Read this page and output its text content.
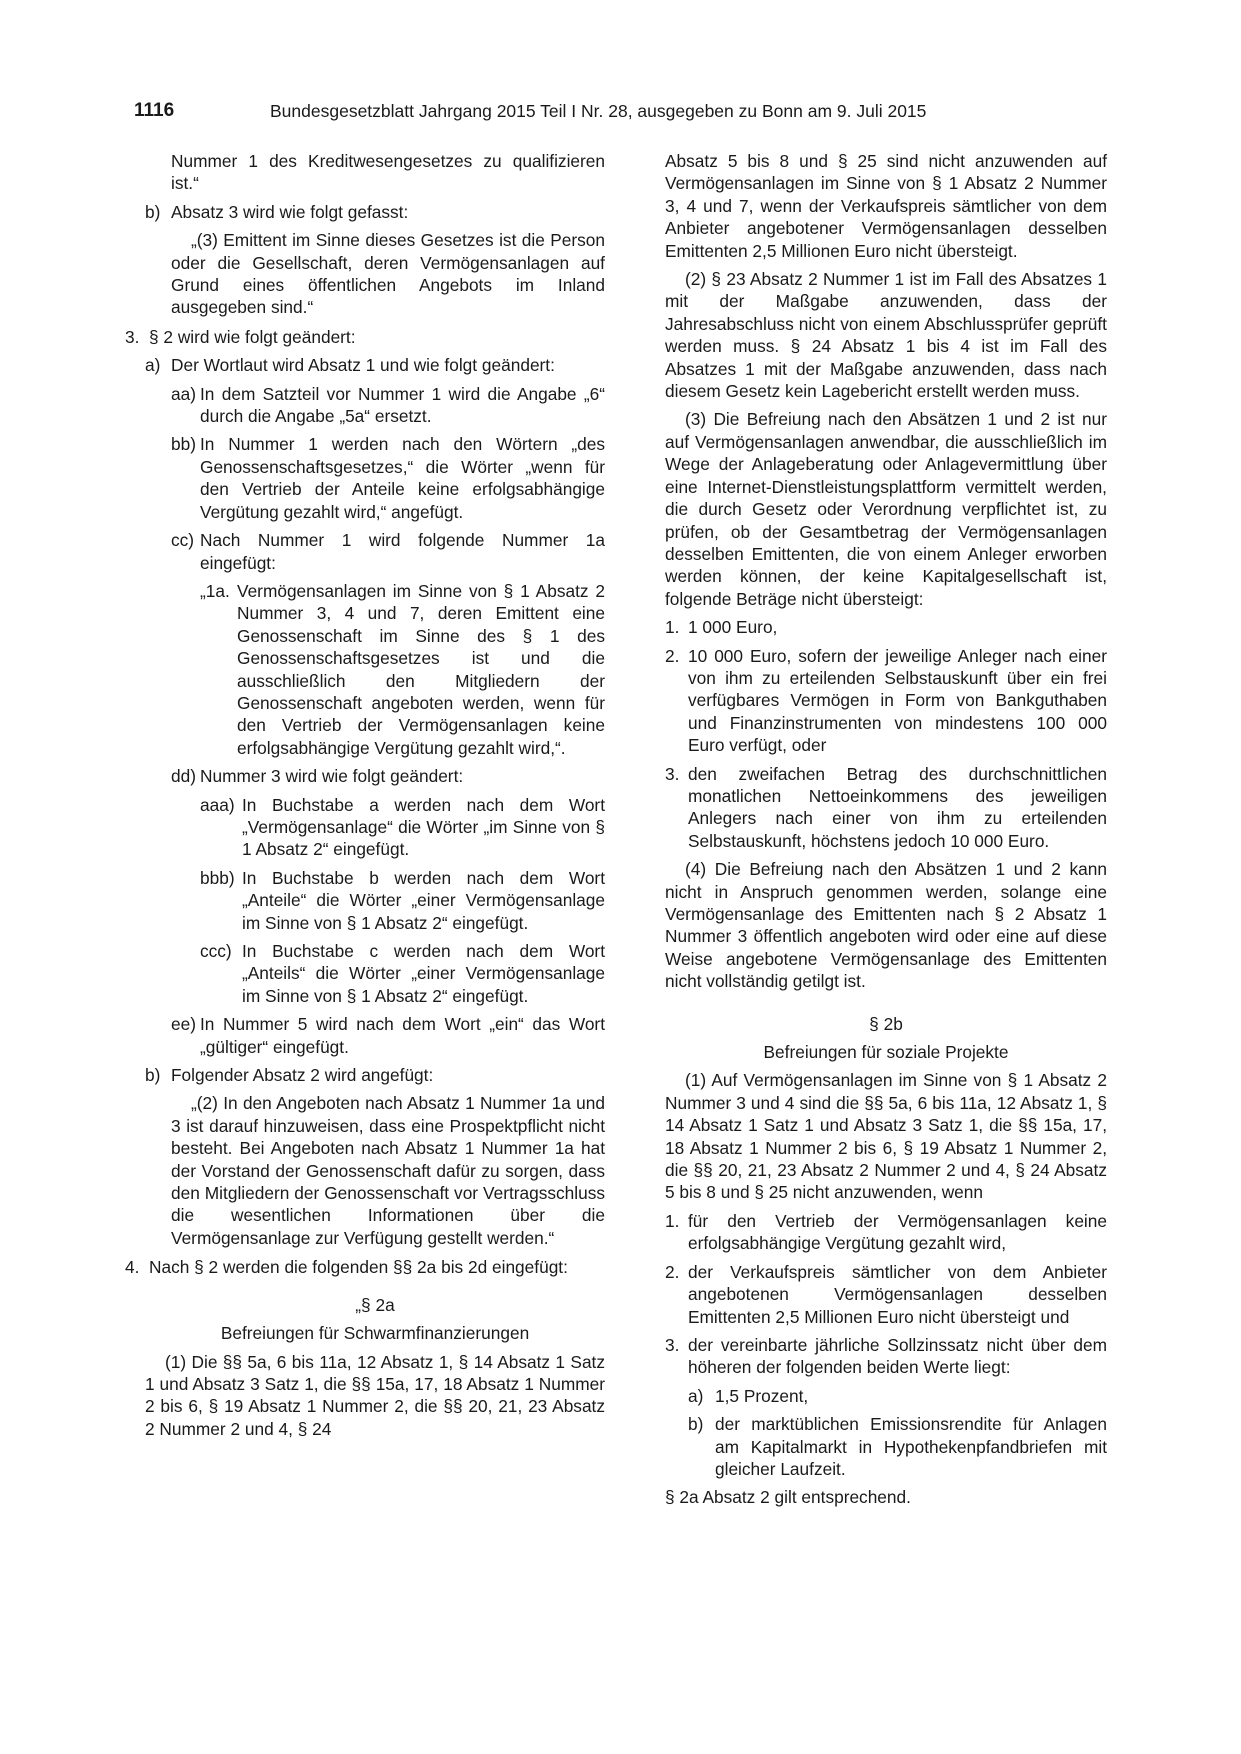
1116	Bundesgesetzblatt Jahrgang 2015 Teil I Nr. 28, ausgegeben zu Bonn am 9. Juli 2015
Nummer 1 des Kreditwesengesetzes zu qualifizieren ist.“
b) Absatz 3 wird wie folgt gefasst:
„(3) Emittent im Sinne dieses Gesetzes ist die Person oder die Gesellschaft, deren Vermögensanlagen auf Grund eines öffentlichen Angebots im Inland ausgegeben sind.“
3. § 2 wird wie folgt geändert:
a) Der Wortlaut wird Absatz 1 und wie folgt geändert:
aa) In dem Satzteil vor Nummer 1 wird die Angabe „6“ durch die Angabe „5a“ ersetzt.
bb) In Nummer 1 werden nach den Wörtern „des Genossenschaftsgesetzes,“ die Wörter „wenn für den Vertrieb der Anteile keine erfolgsabhängige Vergütung gezahlt wird,“ angefügt.
cc) Nach Nummer 1 wird folgende Nummer 1a eingefügt:
„1a. Vermögensanlagen im Sinne von § 1 Absatz 2 Nummer 3, 4 und 7, deren Emittent eine Genossenschaft im Sinne des § 1 des Genossenschaftsgesetzes ist und die ausschließlich den Mitgliedern der Genossenschaft angeboten werden, wenn für den Vertrieb der Vermögensanlagen keine erfolgsabhängige Vergütung gezahlt wird,“.
dd) Nummer 3 wird wie folgt geändert:
aaa) In Buchstabe a werden nach dem Wort „Vermögensanlage“ die Wörter „im Sinne von § 1 Absatz 2“ eingefügt.
bbb) In Buchstabe b werden nach dem Wort „Anteile“ die Wörter „einer Vermögensanlage im Sinne von § 1 Absatz 2“ eingefügt.
ccc) In Buchstabe c werden nach dem Wort „Anteils“ die Wörter „einer Vermögensanlage im Sinne von § 1 Absatz 2“ eingefügt.
ee) In Nummer 5 wird nach dem Wort „ein“ das Wort „gültiger“ eingefügt.
b) Folgender Absatz 2 wird angefügt:
„(2) In den Angeboten nach Absatz 1 Nummer 1a und 3 ist darauf hinzuweisen, dass eine Prospektpflicht nicht besteht. Bei Angeboten nach Absatz 1 Nummer 1a hat der Vorstand der Genossenschaft dafür zu sorgen, dass den Mitgliedern der Genossenschaft vor Vertragsschluss die wesentlichen Informationen über die Vermögensanlage zur Verfügung gestellt werden.“
4. Nach § 2 werden die folgenden §§ 2a bis 2d eingefügt:
„§ 2a
Befreiungen für Schwarmfinanzierungen
(1) Die §§ 5a, 6 bis 11a, 12 Absatz 1, § 14 Absatz 1 Satz 1 und Absatz 3 Satz 1, die §§ 15a, 17, 18 Absatz 1 Nummer 2 bis 6, § 19 Absatz 1 Nummer 2, die §§ 20, 21, 23 Absatz 2 Nummer 2 und 4, § 24
Absatz 5 bis 8 und § 25 sind nicht anzuwenden auf Vermögensanlagen im Sinne von § 1 Absatz 2 Nummer 3, 4 und 7, wenn der Verkaufspreis sämtlicher von dem Anbieter angebotener Vermögensanlagen desselben Emittenten 2,5 Millionen Euro nicht übersteigt.
(2) § 23 Absatz 2 Nummer 1 ist im Fall des Absatzes 1 mit der Maßgabe anzuwenden, dass der Jahresabschluss nicht von einem Abschlussprüfer geprüft werden muss. § 24 Absatz 1 bis 4 ist im Fall des Absatzes 1 mit der Maßgabe anzuwenden, dass nach diesem Gesetz kein Lagebericht erstellt werden muss.
(3) Die Befreiung nach den Absätzen 1 und 2 ist nur auf Vermögensanlagen anwendbar, die ausschließlich im Wege der Anlageberatung oder Anlagevermittlung über eine Internet-Dienstleistungsplattform vermittelt werden, die durch Gesetz oder Verordnung verpflichtet ist, zu prüfen, ob der Gesamtbetrag der Vermögensanlagen desselben Emittenten, die von einem Anleger erworben werden können, der keine Kapitalgesellschaft ist, folgende Beträge nicht übersteigt:
1. 1 000 Euro,
2. 10 000 Euro, sofern der jeweilige Anleger nach einer von ihm zu erteilenden Selbstauskunft über ein frei verfügbares Vermögen in Form von Bankguthaben und Finanzinstrumenten von mindestens 100 000 Euro verfügt, oder
3. den zweifachen Betrag des durchschnittlichen monatlichen Nettoeinkommens des jeweiligen Anlegers nach einer von ihm zu erteilenden Selbstauskunft, höchstens jedoch 10 000 Euro.
(4) Die Befreiung nach den Absätzen 1 und 2 kann nicht in Anspruch genommen werden, solange eine Vermögensanlage des Emittenten nach § 2 Absatz 1 Nummer 3 öffentlich angeboten wird oder eine auf diese Weise angebotene Vermögensanlage des Emittenten nicht vollständig getilgt ist.
§ 2b
Befreiungen für soziale Projekte
(1) Auf Vermögensanlagen im Sinne von § 1 Absatz 2 Nummer 3 und 4 sind die §§ 5a, 6 bis 11a, 12 Absatz 1, § 14 Absatz 1 Satz 1 und Absatz 3 Satz 1, die §§ 15a, 17, 18 Absatz 1 Nummer 2 bis 6, § 19 Absatz 1 Nummer 2, die §§ 20, 21, 23 Absatz 2 Nummer 2 und 4, § 24 Absatz 5 bis 8 und § 25 nicht anzuwenden, wenn
1. für den Vertrieb der Vermögensanlagen keine erfolgsabhängige Vergütung gezahlt wird,
2. der Verkaufspreis sämtlicher von dem Anbieter angebotenen Vermögensanlagen desselben Emittenten 2,5 Millionen Euro nicht übersteigt und
3. der vereinbarte jährliche Sollzinssatz nicht über dem höheren der folgenden beiden Werte liegt:
a) 1,5 Prozent,
b) der marktüblichen Emissionsrendite für Anlagen am Kapitalmarkt in Hypothekenpfandbriefen mit gleicher Laufzeit.
§ 2a Absatz 2 gilt entsprechend.
